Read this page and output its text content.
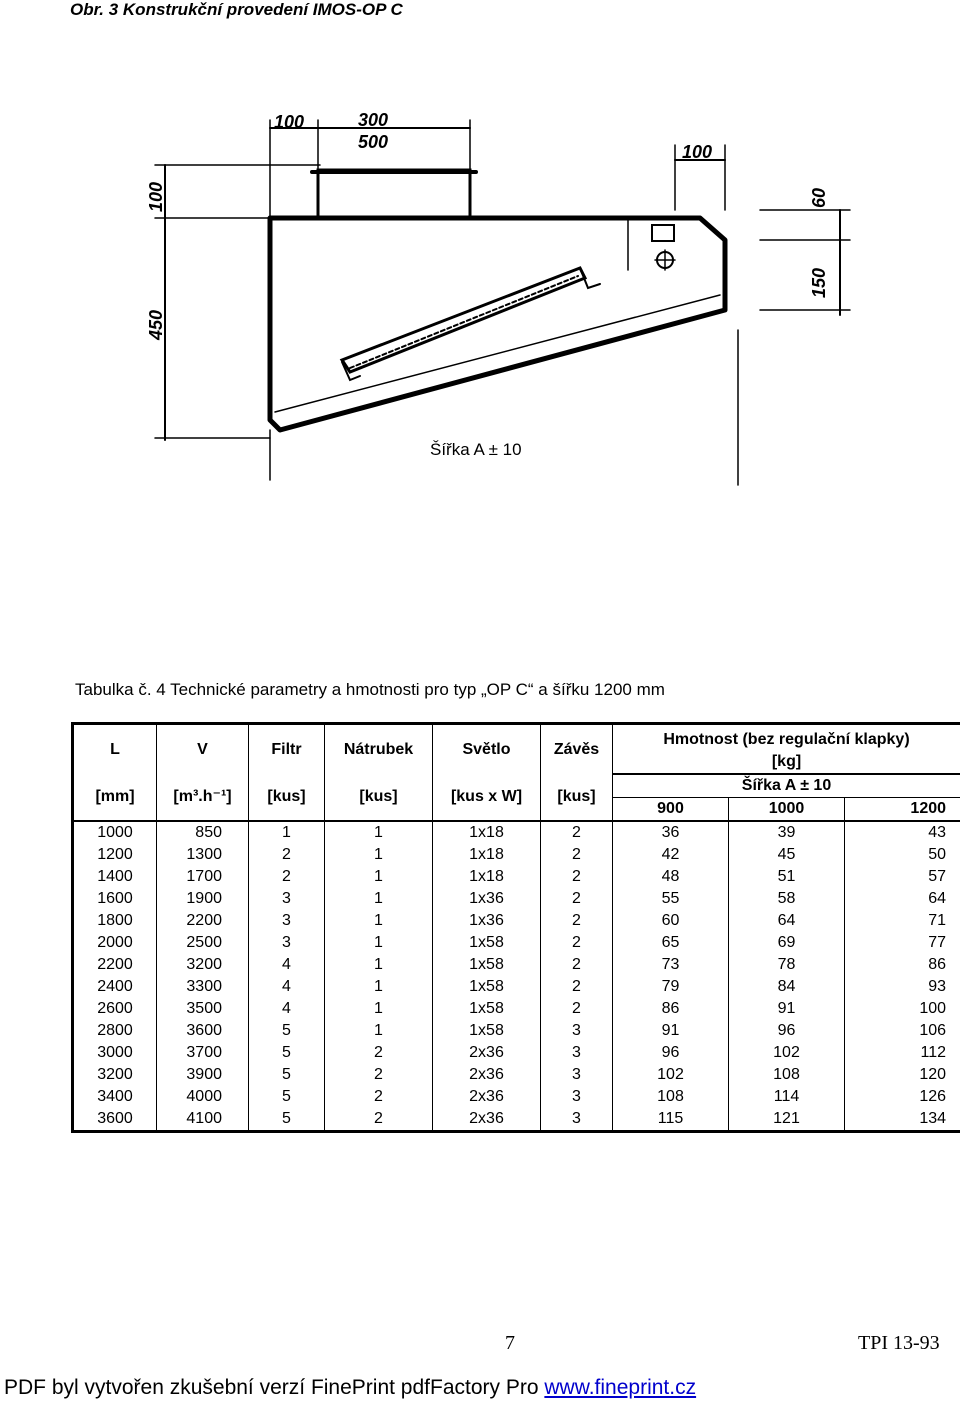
Obr. 3 Konstrukční provedení IMOS-OP C
100	300
500	100
100
450
60
150
Šířka A ± 10
Tabulka č. 4 Technické parametry a hmotnosti pro typ „OP C“ a šířku 1200 mm
L	V	Filtr	Nátrubek	Světlo	Závěs	Hmotnost (bez regulační klapky)		
						[kg]		
[mm]	[m³.h⁻¹]	[kus]	[kus]	[kus x W]	[kus]	Šířka A ± 10		
						900	1000	1200
1000	850	1	1	1x18	2	36	39	43
1200	1300	2	1	1x18	2	42	45	50
1400	1700	2	1	1x18	2	48	51	57
1600	1900	3	1	1x36	2	55	58	64
1800	2200	3	1	1x36	2	60	64	71
2000	2500	3	1	1x58	2	65	69	77
2200	3200	4	1	1x58	2	73	78	86
2400	3300	4	1	1x58	2	79	84	93
2600	3500	4	1	1x58	2	86	91	100
2800	3600	5	1	1x58	3	91	96	106
3000	3700	5	2	2x36	3	96	102	112
3200	3900	5	2	2x36	3	102	108	120
3400	4000	5	2	2x36	3	108	114	126
3600	4100	5	2	2x36	3	115	121	134
7	TPI 13-93
PDF byl vytvořen zkušební verzí FinePrint pdfFactory Pro www.fineprint.cz
